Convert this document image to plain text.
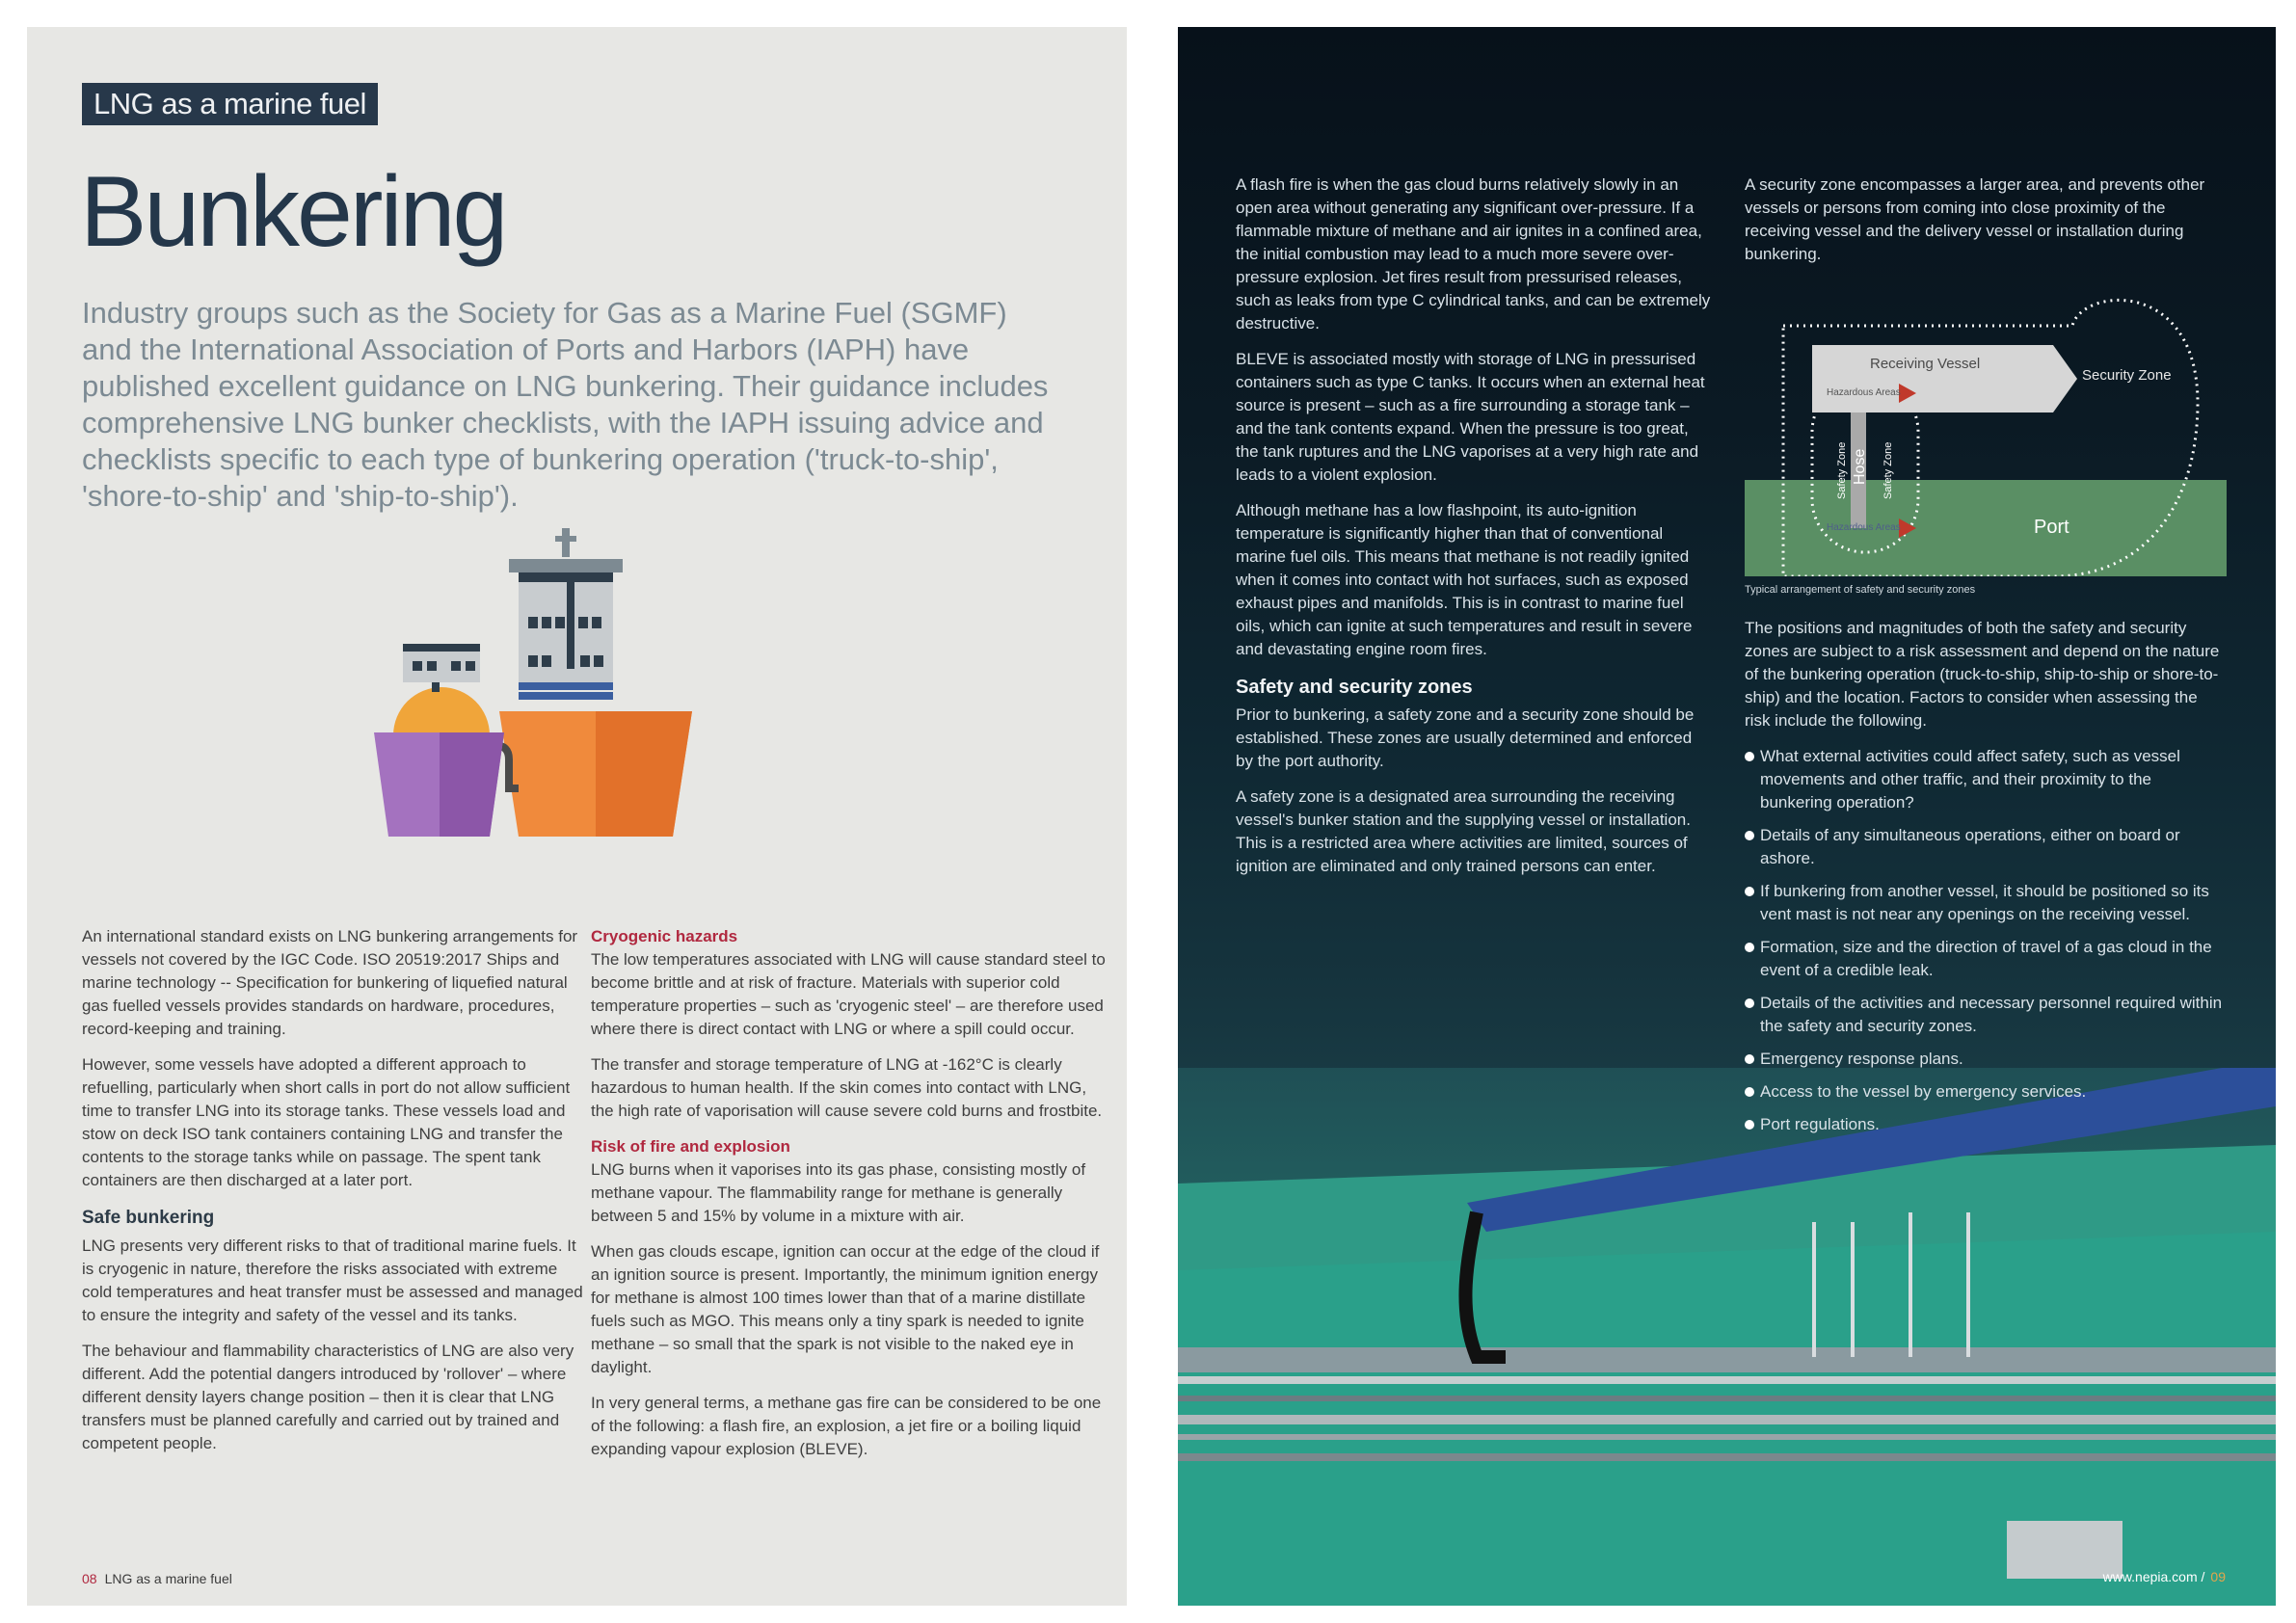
LNG as a marine fuel
Bunkering

Industry groups such as the Society for Gas as a Marine Fuel (SGMF) and the International Association of Ports and Harbors (IAPH) have published excellent guidance on LNG bunkering. Their guidance includes comprehensive LNG bunker checklists, with the IAPH issuing advice and checklists specific to each type of bunkering operation ('truck-to-ship', 'shore-to-ship' and 'ship-to-ship').

An international standard exists on LNG bunkering arrangements for vessels not covered by the IGC Code. ISO 20519:2017 Ships and marine technology -- Specification for bunkering of liquefied natural gas fuelled vessels provides standards on hardware, procedures, record-keeping and training.

However, some vessels have adopted a different approach to refuelling, particularly when short calls in port do not allow sufficient time to transfer LNG into its storage tanks. These vessels load and stow on deck ISO tank containers containing LNG and transfer the contents to the storage tanks while on passage. The spent tank containers are then discharged at a later port.

Safe bunkering

LNG presents very different risks to that of traditional marine fuels. It is cryogenic in nature, therefore the risks associated with extreme cold temperatures and heat transfer must be assessed and managed to ensure the integrity and safety of the vessel and its tanks.

The behaviour and flammability characteristics of LNG are also very different. Add the potential dangers introduced by 'rollover' – where different density layers change position – then it is clear that LNG transfers must be planned carefully and carried out by trained and competent people.

Cryogenic hazards

The low temperatures associated with LNG will cause standard steel to become brittle and at risk of fracture. Materials with superior cold temperature properties – such as 'cryogenic steel' – are therefore used where there is direct contact with LNG or where a spill could occur.

The transfer and storage temperature of LNG at -162°C is clearly hazardous to human health. If the skin comes into contact with LNG, the high rate of vaporisation will cause severe cold burns and frostbite.

Risk of fire and explosion

LNG burns when it vaporises into its gas phase, consisting mostly of methane vapour. The flammability range for methane is generally between 5 and 15% by volume in a mixture with air.

When gas clouds escape, ignition can occur at the edge of the cloud if an ignition source is present. Importantly, the minimum ignition energy for methane is almost 100 times lower than that of a marine distillate fuels such as MGO. This means only a tiny spark is needed to ignite methane – so small that the spark is not visible to the naked eye in daylight.

In very general terms, a methane gas fire can be considered to be one of the following: a flash fire, an explosion, a jet fire or a boiling liquid expanding vapour explosion (BLEVE).

08 LNG as a marine fuel

A flash fire is when the gas cloud burns relatively slowly in an open area without generating any significant over-pressure. If a flammable mixture of methane and air ignites in a confined area, the initial combustion may lead to a much more severe over-pressure explosion. Jet fires result from pressurised releases, such as leaks from type C cylindrical tanks, and can be extremely destructive.

BLEVE is associated mostly with storage of LNG in pressurised containers such as type C tanks. It occurs when an external heat source is present – such as a fire surrounding a storage tank – and the tank contents expand. When the pressure is too great, the tank ruptures and the LNG vaporises at a very high rate and leads to a violent explosion.

Although methane has a low flashpoint, its auto-ignition temperature is significantly higher than that of conventional marine fuel oils. This means that methane is not readily ignited when it comes into contact with hot surfaces, such as exposed exhaust pipes and manifolds. This is in contrast to marine fuel oils, which can ignite at such temperatures and result in severe and devastating engine room fires.

Safety and security zones

Prior to bunkering, a safety zone and a security zone should be established. These zones are usually determined and enforced by the port authority.

A safety zone is a designated area surrounding the receiving vessel's bunker station and the supplying vessel or installation. This is a restricted area where activities are limited, sources of ignition are eliminated and only trained persons can enter.

A security zone encompasses a larger area, and prevents other vessels or persons from coming into close proximity of the receiving vessel and the delivery vessel or installation during bunkering.

Receiving Vessel
Security Zone
Hazardous Areas
Hazardous Areas
Safety Zone	Safety Zone
Hose
Port
Typical arrangement of safety and security zones

The positions and magnitudes of both the safety and security zones are subject to a risk assessment and depend on the nature of the bunkering operation (truck-to-ship, ship-to-ship or shore-to-ship) and the location. Factors to consider when assessing the risk include the following.

What external activities could affect safety, such as vessel movements and other traffic, and their proximity to the bunkering operation?
Details of any simultaneous operations, either on board or ashore.
If bunkering from another vessel, it should be positioned so its vent mast is not near any openings on the receiving vessel.
Formation, size and the direction of travel of a gas cloud in the event of a credible leak.
Details of the activities and necessary personnel required within the safety and security zones.
Emergency response plans.
Access to the vessel by emergency services.
Port regulations.
www.nepia.com / 09
